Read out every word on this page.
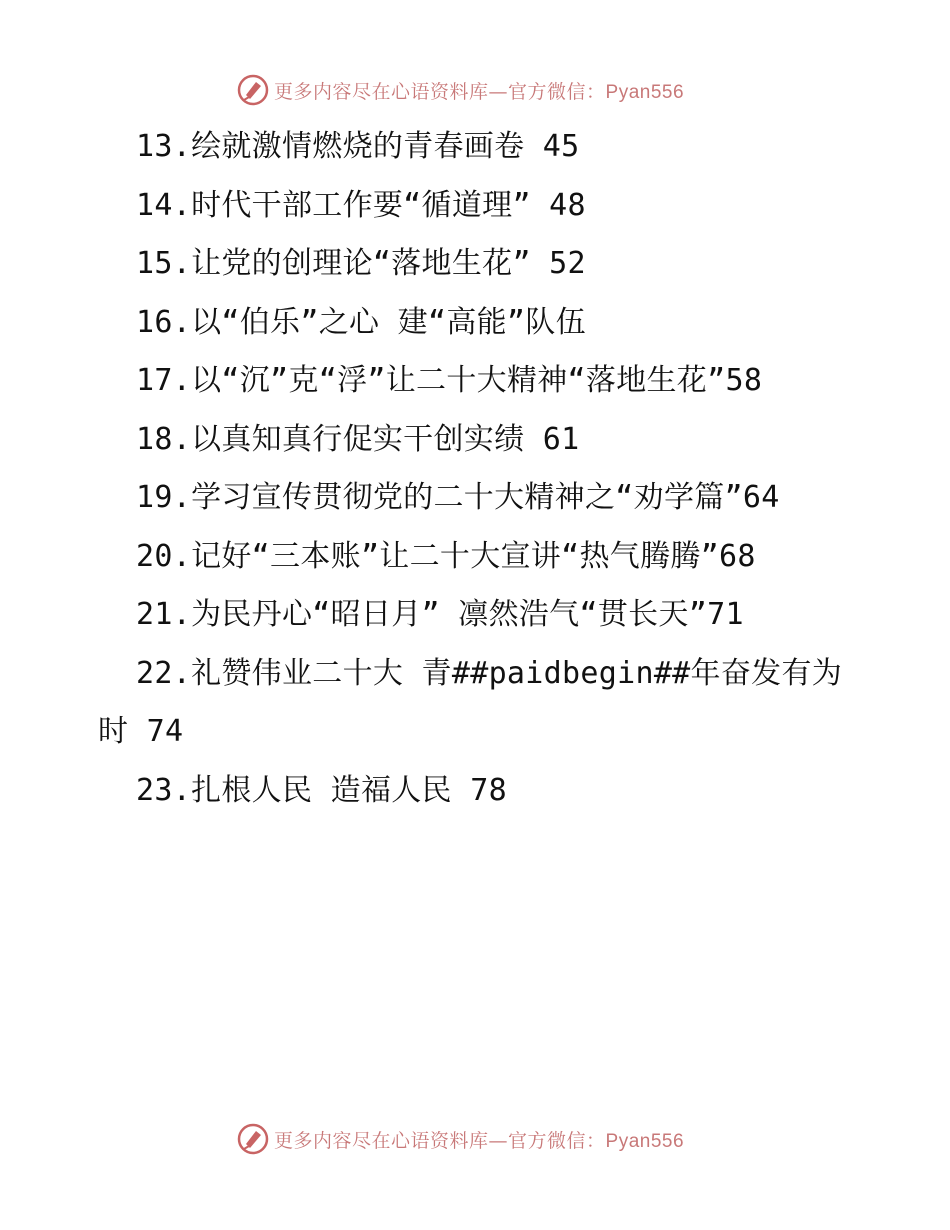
更多内容尽在心语资料库—官方微信：Pyan556

13.绘就激情燃烧的青春画卷 45

14.时代干部工作要“循道理” 48

15.让党的创理论“落地生花” 52

16.以“伯乐”之心 建“高能”队伍

17.以“沉”克“浮”让二十大精神“落地生花”58

18.以真知真行促实干创实绩 61

19.学习宣传贯彻党的二十大精神之“劝学篇”64

20.记好“三本账”让二十大宣讲“热气腾腾”68

21.为民丹心“昭日月” 凛然浩气“贯长天”71

22.礼赞伟业二十大 青##paidbegin##年奋发有为时 74

23.扎根人民 造福人民 78

更多内容尽在心语资料库—官方微信：Pyan556
